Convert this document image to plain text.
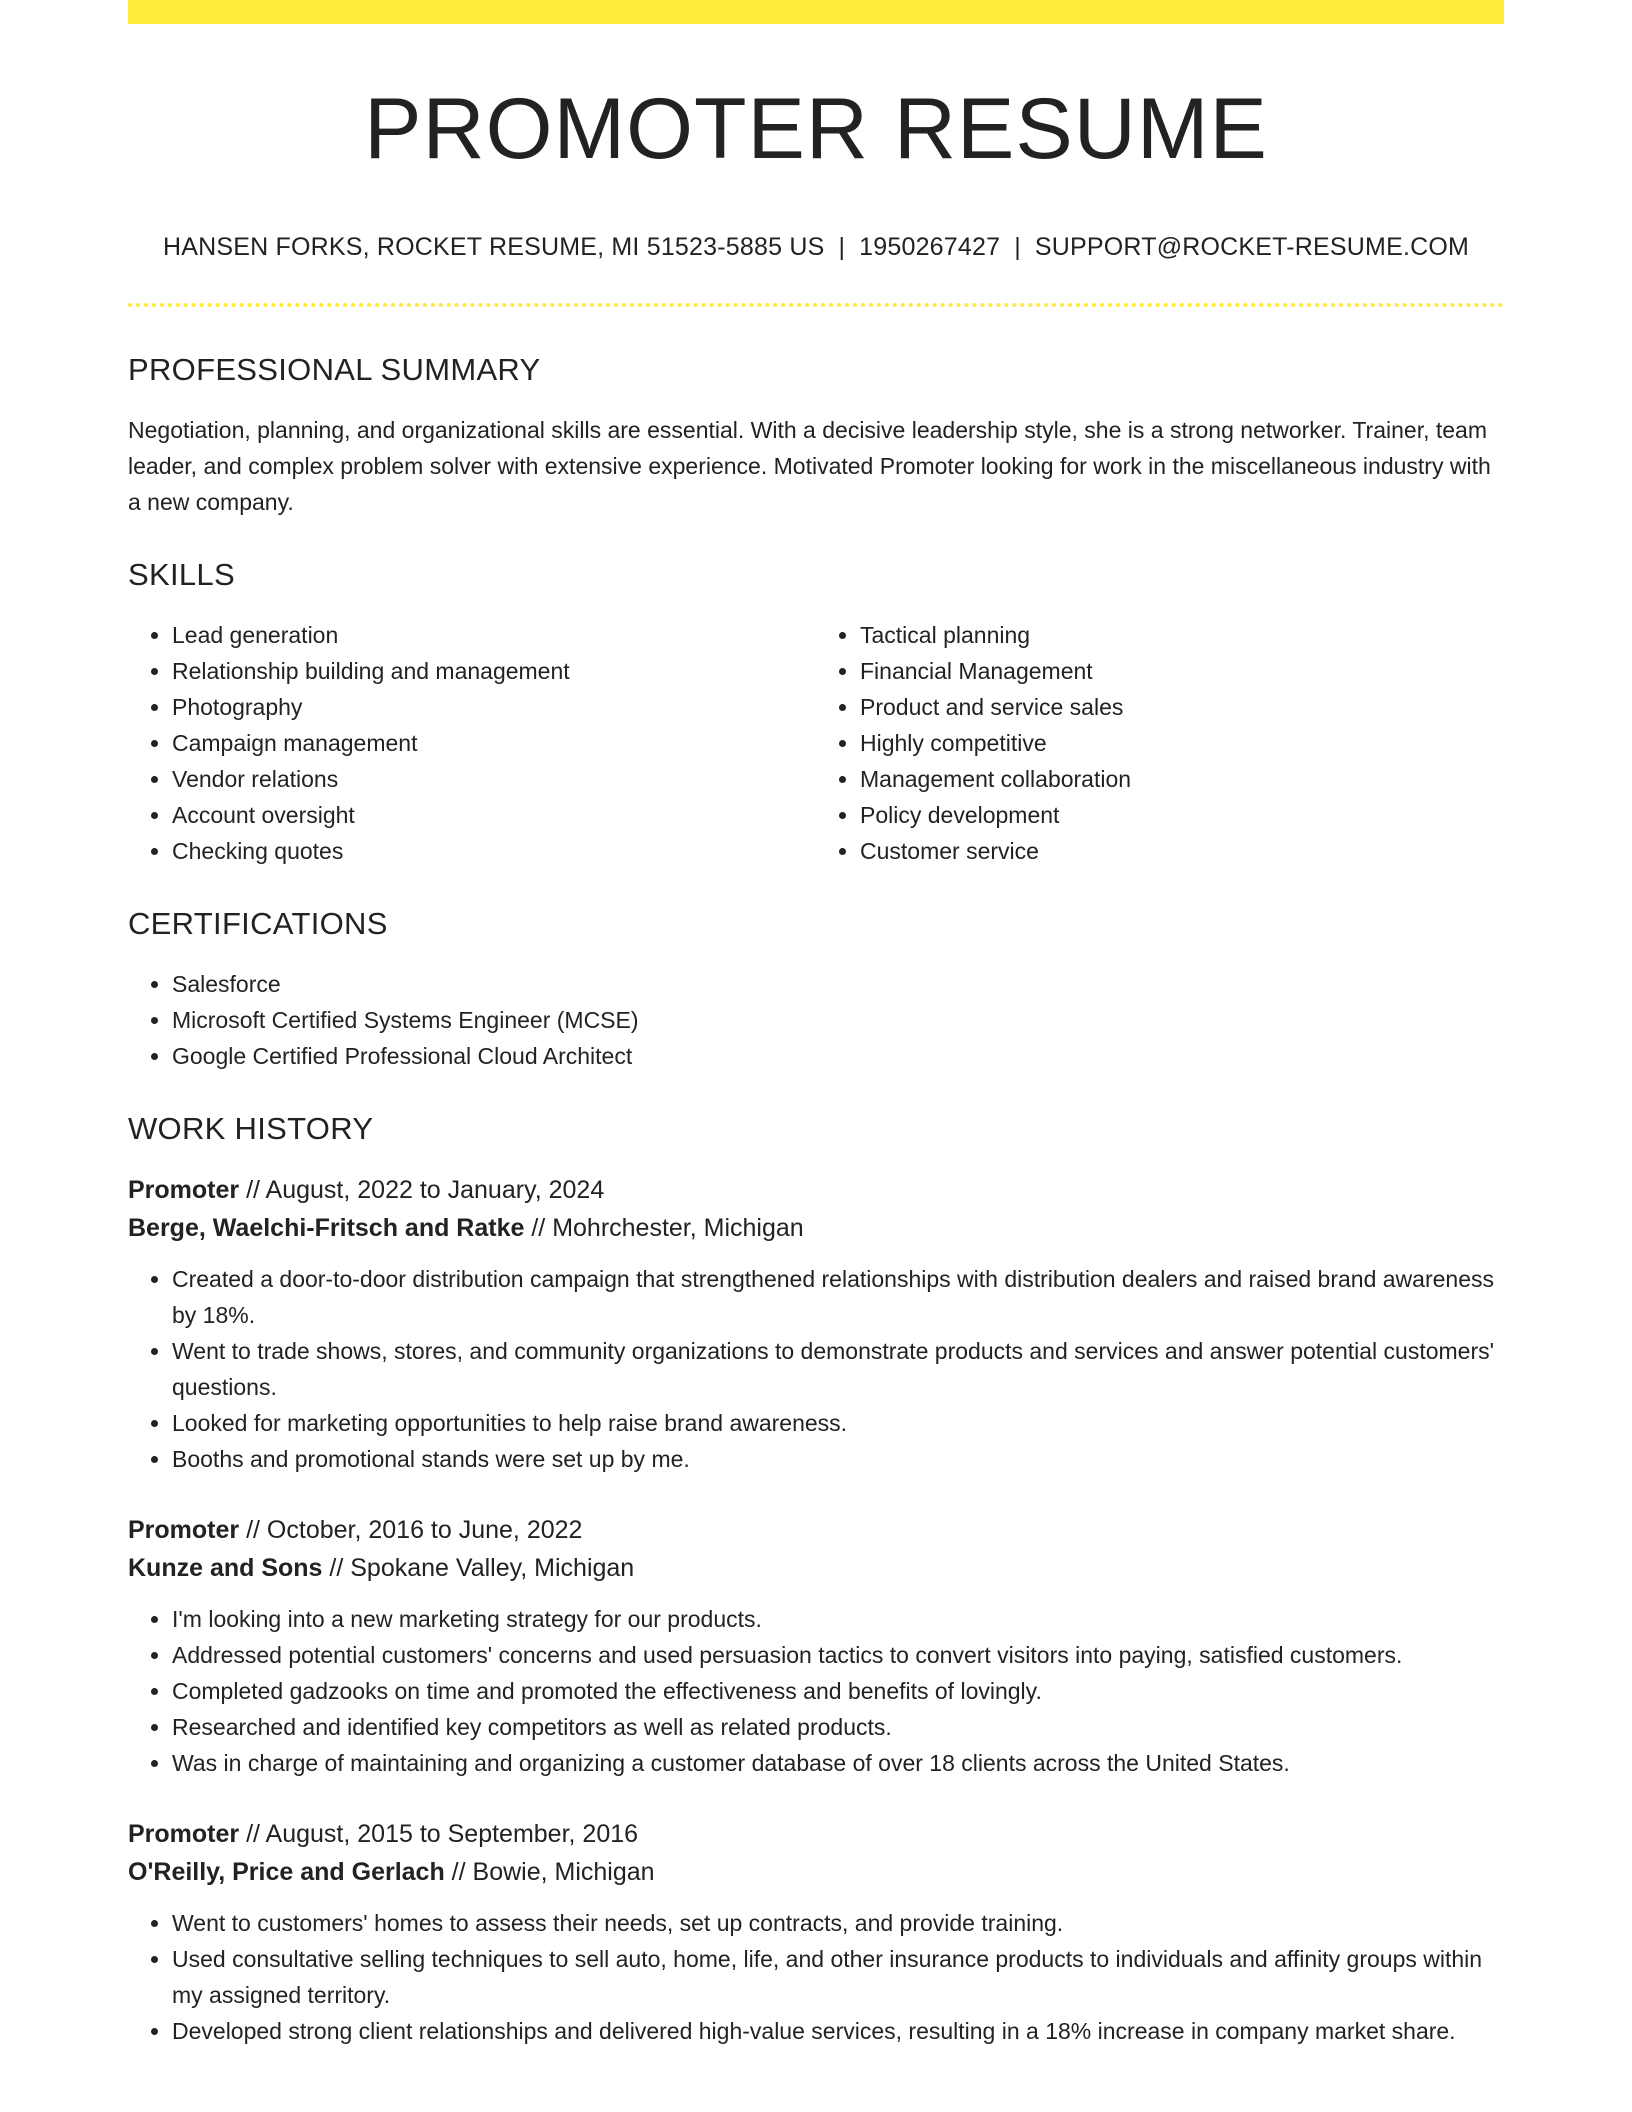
PROMOTER RESUME
HANSEN FORKS, ROCKET RESUME, MI 51523-5885 US | 1950267427 | SUPPORT@ROCKET-RESUME.COM
PROFESSIONAL SUMMARY

Negotiation, planning, and organizational skills are essential. With a decisive leadership style, she is a strong networker. Trainer, team leader, and complex problem solver with extensive experience. Motivated Promoter looking for work in the miscellaneous industry with a new company.

SKILLS
• Lead generation
• Relationship building and management
• Photography
• Campaign management
• Vendor relations
• Account oversight
• Checking quotes
• Tactical planning
• Financial Management
• Product and service sales
• Highly competitive
• Management collaboration
• Policy development
• Customer service
CERTIFICATIONS
• Salesforce
• Microsoft Certified Systems Engineer (MCSE)
• Google Certified Professional Cloud Architect
WORK HISTORY
Promoter // August, 2022 to January, 2024
Berge, Waelchi-Fritsch and Ratke // Mohrchester, Michigan
• Created a door-to-door distribution campaign that strengthened relationships with distribution dealers and raised brand awareness by 18%.
• Went to trade shows, stores, and community organizations to demonstrate products and services and answer potential customers' questions.
• Looked for marketing opportunities to help raise brand awareness.
• Booths and promotional stands were set up by me.
Promoter // October, 2016 to June, 2022
Kunze and Sons // Spokane Valley, Michigan
• I'm looking into a new marketing strategy for our products.
• Addressed potential customers' concerns and used persuasion tactics to convert visitors into paying, satisfied customers.
• Completed gadzooks on time and promoted the effectiveness and benefits of lovingly.
• Researched and identified key competitors as well as related products.
• Was in charge of maintaining and organizing a customer database of over 18 clients across the United States.
Promoter // August, 2015 to September, 2016
O'Reilly, Price and Gerlach // Bowie, Michigan
• Went to customers' homes to assess their needs, set up contracts, and provide training.
• Used consultative selling techniques to sell auto, home, life, and other insurance products to individuals and affinity groups within my assigned territory.
• Developed strong client relationships and delivered high-value services, resulting in a 18% increase in company market share.
